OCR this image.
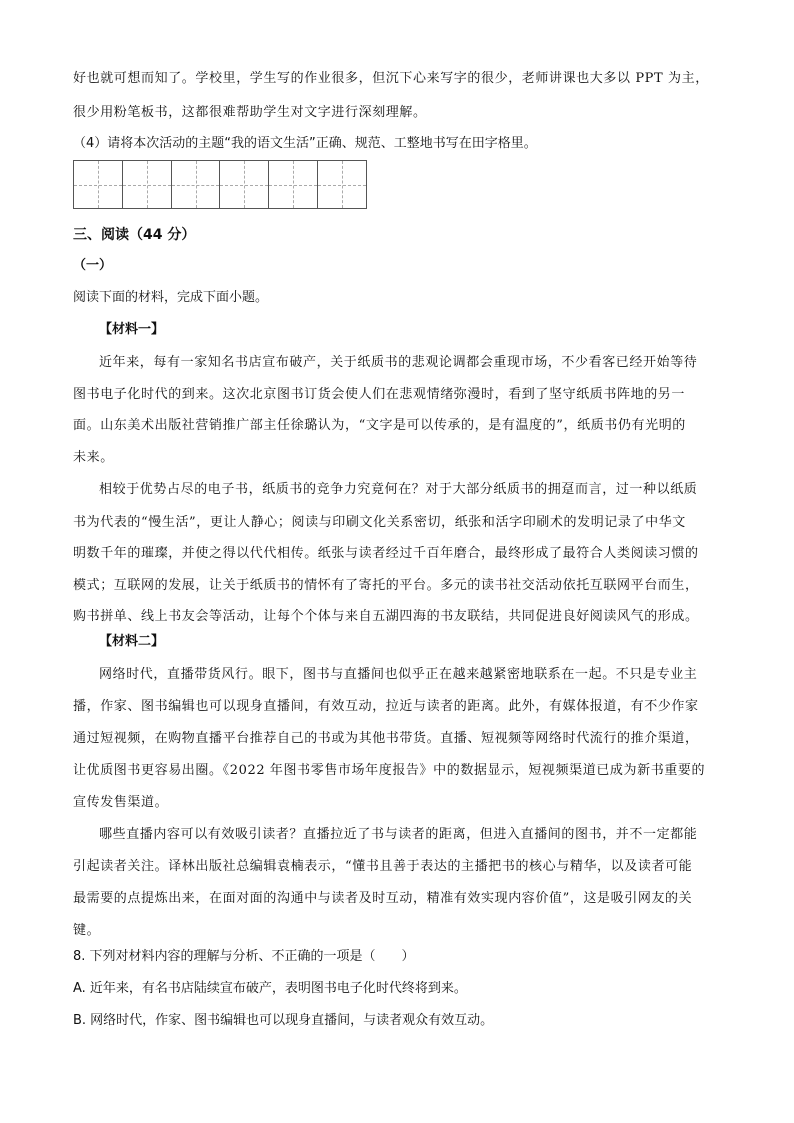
好也就可想而知了。学校里，学生写的作业很多，但沉下心来写字的很少，老师讲课也大多以 PPT 为主，
很少用粉笔板书，这都很难帮助学生对文字进行深刻理解。
（4）请将本次活动的主题“我的语文生活”正确、规范、工整地书写在田字格里。
三、阅读（44 分）
（一）
阅读下面的材料，完成下面小题。
【材料一】
近年来，每有一家知名书店宣布破产，关于纸质书的悲观论调都会重现市场，不少看客已经开始等待
图书电子化时代的到来。这次北京图书订货会使人们在悲观情绪弥漫时，看到了坚守纸质书阵地的另一
面。山东美术出版社营销推广部主任徐璐认为，“文字是可以传承的，是有温度的”，纸质书仍有光明的
未来。
相较于优势占尽的电子书，纸质书的竞争力究竟何在？对于大部分纸质书的拥趸而言，过一种以纸质
书为代表的“慢生活”，更让人静心；阅读与印刷文化关系密切，纸张和活字印刷术的发明记录了中华文
明数千年的璀璨，并使之得以代代相传。纸张与读者经过千百年磨合，最终形成了最符合人类阅读习惯的
模式；互联网的发展，让关于纸质书的情怀有了寄托的平台。多元的读书社交活动依托互联网平台而生，
购书拼单、线上书友会等活动，让每个个体与来自五湖四海的书友联结，共同促进良好阅读风气的形成。
【材料二】
网络时代，直播带货风行。眼下，图书与直播间也似乎正在越来越紧密地联系在一起。不只是专业主
播，作家、图书编辑也可以现身直播间，有效互动，拉近与读者的距离。此外，有媒体报道，有不少作家
通过短视频，在购物直播平台推荐自己的书或为其他书带货。直播、短视频等网络时代流行的推介渠道，
让优质图书更容易出圈。《2022 年图书零售市场年度报告》中的数据显示，短视频渠道已成为新书重要的
宣传发售渠道。
哪些直播内容可以有效吸引读者？直播拉近了书与读者的距离，但进入直播间的图书，并不一定都能
引起读者关注。译林出版社总编辑袁楠表示，“懂书且善于表达的主播把书的核心与精华，以及读者可能
最需要的点提炼出来，在面对面的沟通中与读者及时互动，精准有效实现内容价值”，这是吸引网友的关
键。
8. 下列对材料内容的理解与分析、不正确的一项是（　　）
A. 近年来，有名书店陆续宣布破产，表明图书电子化时代终将到来。
B. 网络时代，作家、图书编辑也可以现身直播间，与读者观众有效互动。
